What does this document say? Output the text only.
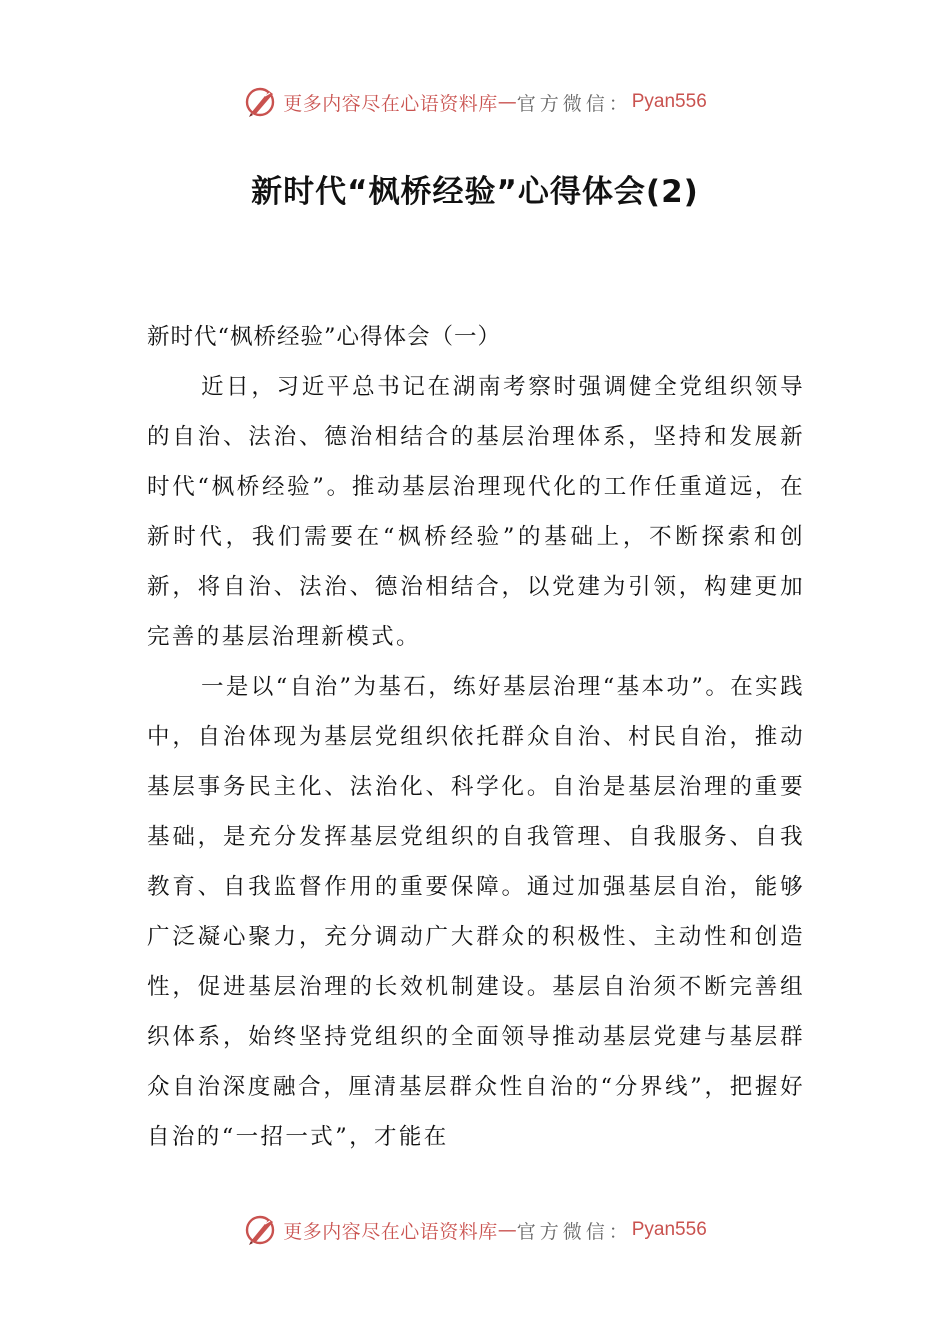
更多内容尽在心语资料库 — 官方微信： Pyan556
新时代“枫桥经验”心得体会(2)

新时代“枫桥经验”心得体会（一）

近日，习近平总书记在湖南考察时强调健全党组织领导的自治、法治、德治相结合的基层治理体系，坚持和发展新时代“枫桥经验”。推动基层治理现代化的工作任重道远，在新时代，我们需要在“枫桥经验”的基础上，不断探索和创新，将自治、法治、德治相结合，以党建为引领，构建更加完善的基层治理新模式。

一是以“自治”为基石，练好基层治理“基本功”。在实践中，自治体现为基层党组织依托群众自治、村民自治，推动基层事务民主化、法治化、科学化。自治是基层治理的重要基础，是充分发挥基层党组织的自我管理、自我服务、自我教育、自我监督作用的重要保障。通过加强基层自治，能够广泛凝心聚力，充分调动广大群众的积极性、主动性和创造性，促进基层治理的长效机制建设。基层自治须不断完善组织体系，始终坚持党组织的全面领导推动基层党建与基层群众自治深度融合，厘清基层群众性自治的“分界线”，把握好自治的“一招一式”，才能在

更多内容尽在心语资料库 — 官方微信： Pyan556
